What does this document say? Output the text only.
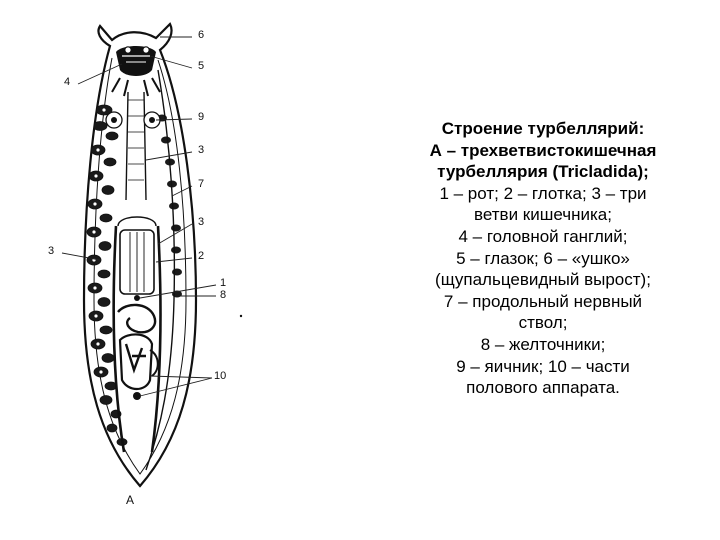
6
5
4
9
3
7
3
3	2
1
8
10
A
Строение турбеллярий:
А – трехветвистокишечная
турбеллярия (Tricladida);
1 – рот; 2 – глотка; 3 – три
ветви кишечника;
4 – головной ганглий;
5 – глазок; 6 – «ушко»
(щупальцевидный вырост);
7 – продольный нервный
ствол;
8 – желточники;
9 – яичник; 10 – части
полового аппарата.
